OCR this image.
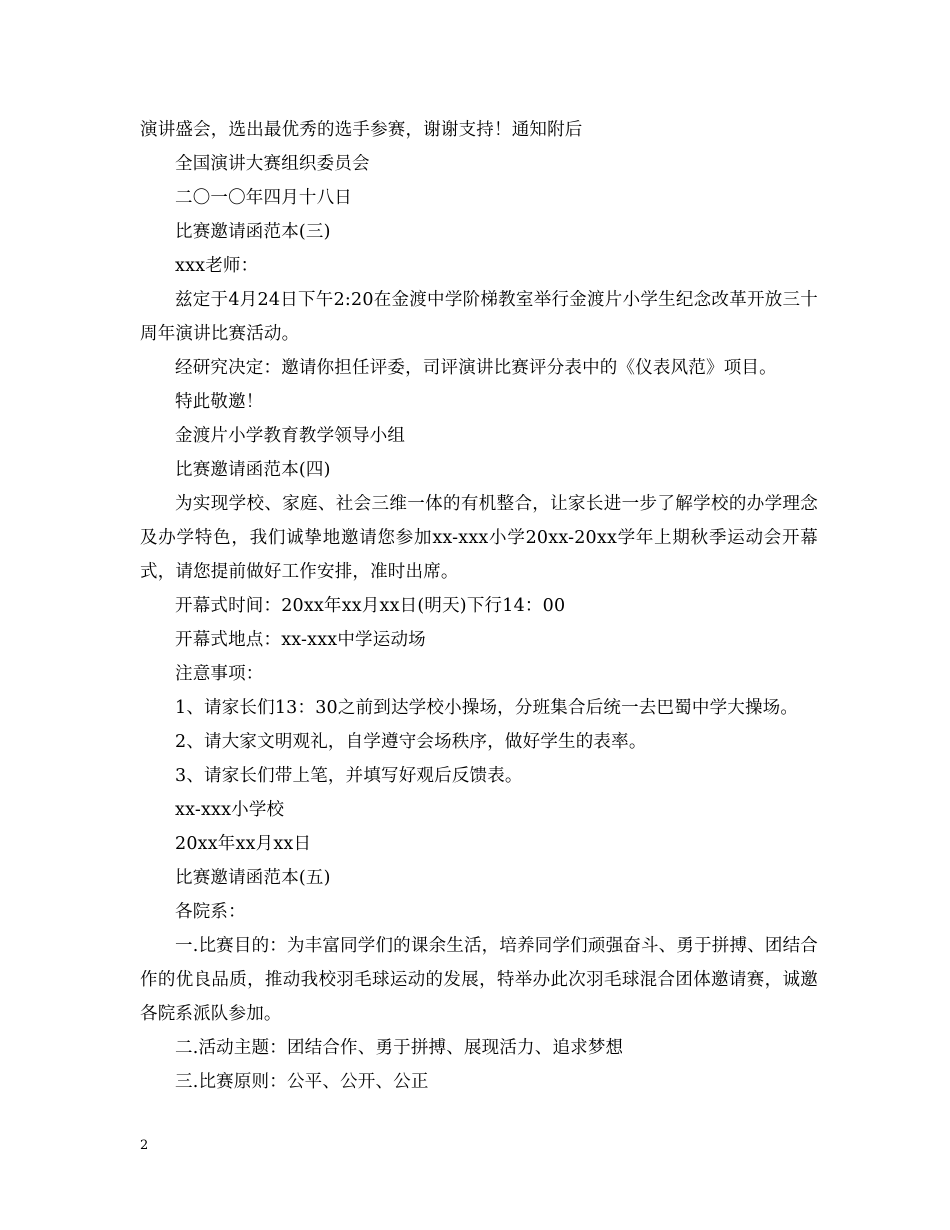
演讲盛会，选出最优秀的选手参赛，谢谢支持！通知附后
全国演讲大赛组织委员会
二〇一〇年四月十八日
比赛邀请函范本(三)
xxx老师：
兹定于4月24日下午2:20在金渡中学阶梯教室举行金渡片小学生纪念改革开放三十周年演讲比赛活动。
经研究决定：邀请你担任评委，司评演讲比赛评分表中的《仪表风范》项目。
特此敬邀！
金渡片小学教育教学领导小组
比赛邀请函范本(四)
为实现学校、家庭、社会三维一体的有机整合，让家长进一步了解学校的办学理念及办学特色，我们诚挚地邀请您参加xx-xxx小学20xx-20xx学年上期秋季运动会开幕式，请您提前做好工作安排，准时出席。
开幕式时间：20xx年xx月xx日(明天)下行14：00
开幕式地点：xx-xxx中学运动场
注意事项：
1、请家长们13：30之前到达学校小操场，分班集合后统一去巴蜀中学大操场。
2、请大家文明观礼，自学遵守会场秩序，做好学生的表率。
3、请家长们带上笔，并填写好观后反馈表。
xx-xxx小学校
20xx年xx月xx日
比赛邀请函范本(五)
各院系：
一.比赛目的：为丰富同学们的课余生活，培养同学们顽强奋斗、勇于拼搏、团结合作的优良品质，推动我校羽毛球运动的发展，特举办此次羽毛球混合团体邀请赛，诚邀各院系派队参加。
二.活动主题：团结合作、勇于拼搏、展现活力、追求梦想
三.比赛原则：公平、公开、公正
2
